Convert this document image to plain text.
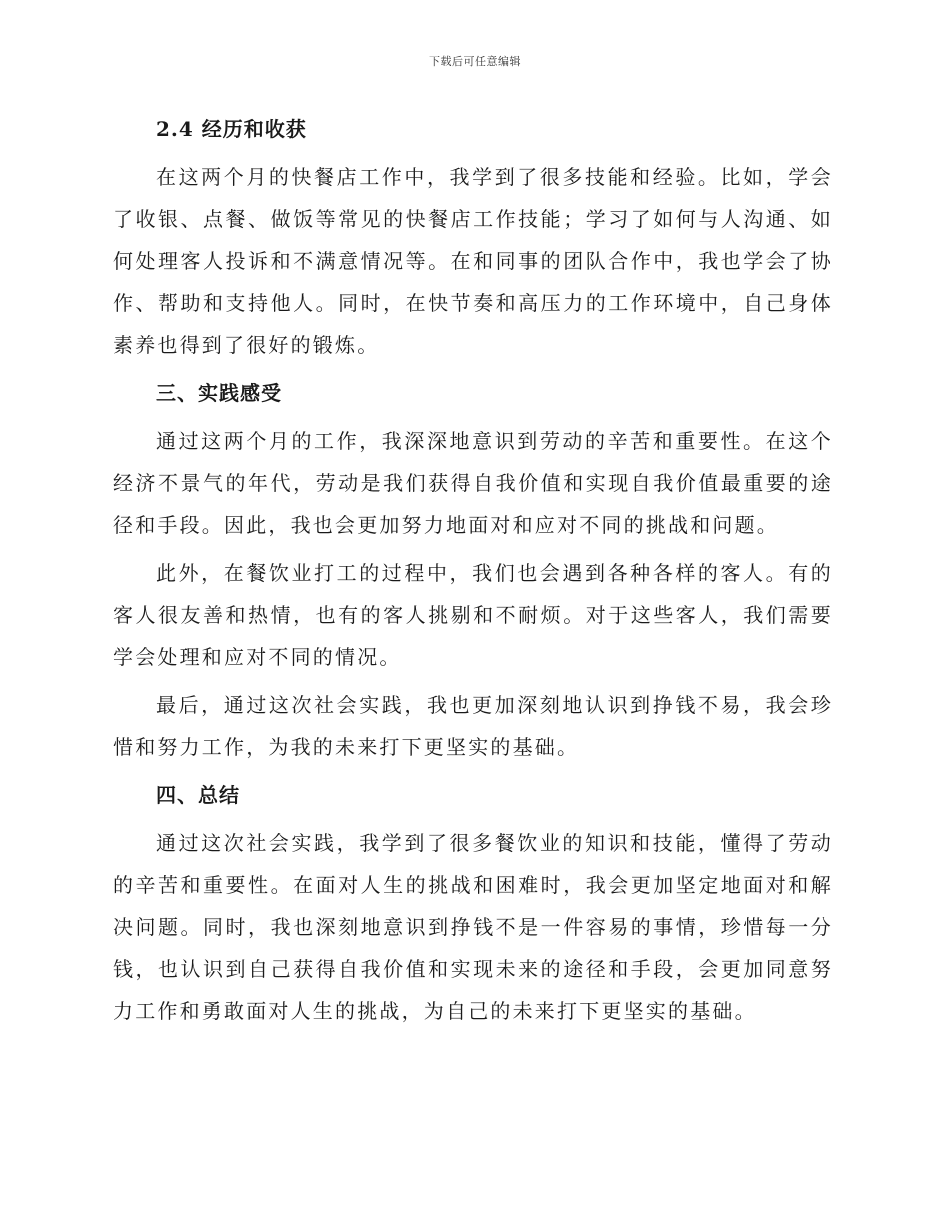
下载后可任意编辑

2.4 经历和收获

在这两个月的快餐店工作中，我学到了很多技能和经验。比如，学会了收银、点餐、做饭等常见的快餐店工作技能；学习了如何与人沟通、如何处理客人投诉和不满意情况等。在和同事的团队合作中，我也学会了协作、帮助和支持他人。同时，在快节奏和高压力的工作环境中，自己身体素养也得到了很好的锻炼。

三、实践感受

通过这两个月的工作，我深深地意识到劳动的辛苦和重要性。在这个经济不景气的年代，劳动是我们获得自我价值和实现自我价值最重要的途径和手段。因此，我也会更加努力地面对和应对不同的挑战和问题。

此外，在餐饮业打工的过程中，我们也会遇到各种各样的客人。有的客人很友善和热情，也有的客人挑剔和不耐烦。对于这些客人，我们需要学会处理和应对不同的情况。

最后，通过这次社会实践，我也更加深刻地认识到挣钱不易，我会珍惜和努力工作，为我的未来打下更坚实的基础。

四、总结

通过这次社会实践，我学到了很多餐饮业的知识和技能，懂得了劳动的辛苦和重要性。在面对人生的挑战和困难时，我会更加坚定地面对和解决问题。同时，我也深刻地意识到挣钱不是一件容易的事情，珍惜每一分钱，也认识到自己获得自我价值和实现未来的途径和手段，会更加同意努力工作和勇敢面对人生的挑战，为自己的未来打下更坚实的基础。
